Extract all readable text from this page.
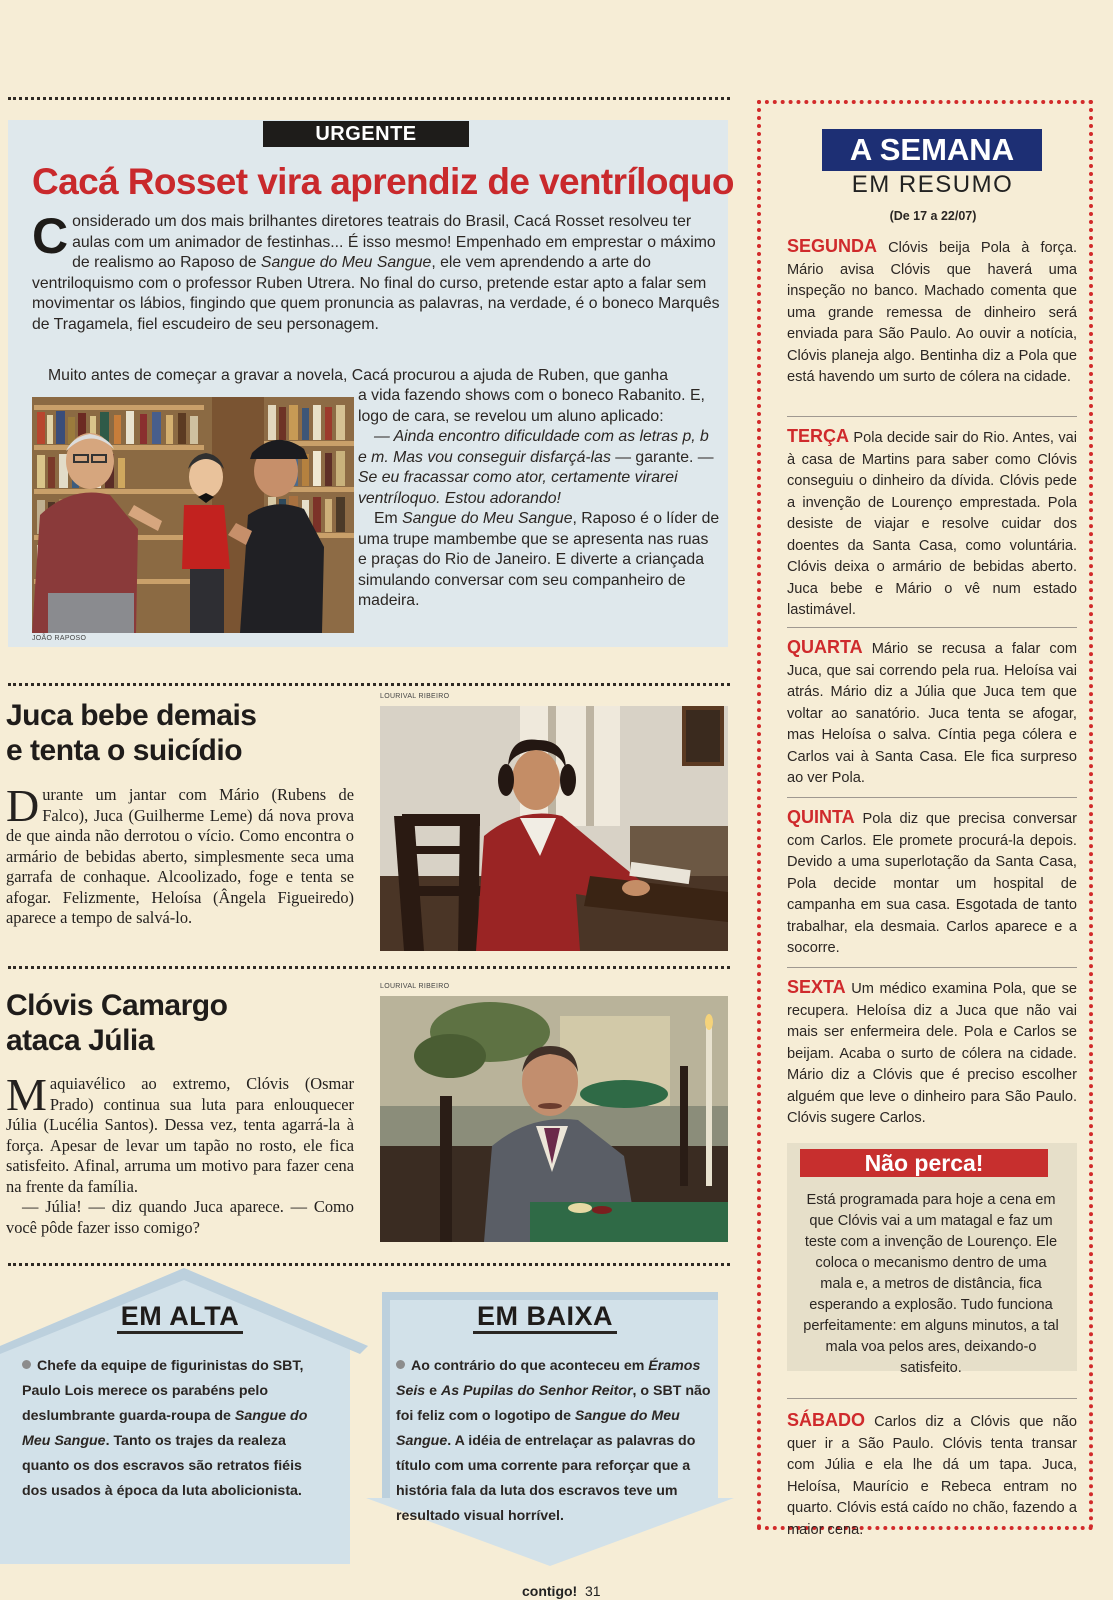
URGENTE
Cacá Rosset vira aprendiz de ventríloquo

Considerado um dos mais brilhantes diretores teatrais do Brasil, Cacá Rosset resolveu ter aulas com um animador de festinhas... É isso mesmo! Empenhado em emprestar o máximo de realismo ao Raposo de Sangue do Meu Sangue, ele vem aprendendo a arte do ventriloquismo com o professor Ruben Utrera. No final do curso, pretende estar apto a falar sem movimentar os lábios, fingindo que quem pronuncia as palavras, na verdade, é o boneco Marquês de Tragamela, fiel escudeiro de seu personagem.

Muito antes de começar a gravar a novela, Cacá procurou a ajuda de Ruben, que ganha

JOÃO RAPOSO

a vida fazendo shows com o boneco Rabanito. E, logo de cara, se revelou um aluno aplicado:

— Ainda encontro dificuldade com as letras p, b e m. Mas vou conseguir disfarçá-las — garante. — Se eu fracassar como ator, certamente virarei ventríloquo. Estou adorando!

Em Sangue do Meu Sangue, Raposo é o líder de uma trupe mambembe que se apresenta nas ruas e praças do Rio de Janeiro. E diverte a criançada simulando conversar com seu companheiro de madeira.

Juca bebe demais
e tenta o suicídio

Durante um jantar com Mário (Rubens de Falco), Juca (Guilherme Leme) dá nova prova de que ainda não derrotou o vício. Como encontra o armário de bebidas aberto, simplesmente seca uma garrafa de conhaque. Alcoolizado, foge e tenta se afogar. Felizmente, Heloísa (Ângela Figueiredo) aparece a tempo de salvá-lo.

LOURIVAL RIBEIRO
Clóvis Camargo
ataca Júlia

Maquiavélico ao extremo, Clóvis (Osmar Prado) continua sua luta para enlouquecer Júlia (Lucélia Santos). Dessa vez, tenta agarrá-la à força. Apesar de levar um tapão no rosto, ele fica satisfeito. Afinal, arruma um motivo para fazer cena na frente da família.

— Júlia! — diz quando Juca aparece. — Como você pôde fazer isso comigo?

LOURIVAL RIBEIRO
EM ALTA

Chefe da equipe de figurinistas do SBT, Paulo Lois merece os parabéns pelo deslumbrante guarda-roupa de Sangue do Meu Sangue. Tanto os trajes da realeza quanto os dos escravos são retratos fiéis dos usados à época da luta abolicionista.

EM BAIXA

Ao contrário do que aconteceu em Éramos Seis e As Pupilas do Senhor Reitor, o SBT não foi feliz com o logotipo de Sangue do Meu Sangue. A idéia de entrelaçar as palavras do título com uma corrente para reforçar que a história fala da luta dos escravos teve um resultado visual horrível.

A SEMANA
EM RESUMO
(De 17 a 22/07)

SEGUNDA Clóvis beija Pola à força. Mário avisa Clóvis que haverá uma inspeção no banco. Machado comenta que uma grande remessa de dinheiro será enviada para São Paulo. Ao ouvir a notícia, Clóvis planeja algo. Bentinha diz a Pola que está havendo um surto de cólera na cidade.

TERÇA Pola decide sair do Rio. Antes, vai à casa de Martins para saber como Clóvis conseguiu o dinheiro da dívida. Clóvis pede a invenção de Lourenço emprestada. Pola desiste de viajar e resolve cuidar dos doentes da Santa Casa, como voluntária. Clóvis deixa o armário de bebidas aberto. Juca bebe e Mário o vê num estado lastimável.

QUARTA Mário se recusa a falar com Juca, que sai correndo pela rua. Heloísa vai atrás. Mário diz a Júlia que Juca tem que voltar ao sanatório. Juca tenta se afogar, mas Heloísa o salva. Cíntia pega cólera e Carlos vai à Santa Casa. Ele fica surpreso ao ver Pola.

QUINTA Pola diz que precisa conversar com Carlos. Ele promete procurá-la depois. Devido a uma superlotação da Santa Casa, Pola decide montar um hospital de campanha em sua casa. Esgotada de tanto trabalhar, ela desmaia. Carlos aparece e a socorre.

SEXTA Um médico examina Pola, que se recupera. Heloísa diz a Juca que não vai mais ser enfermeira dele. Pola e Carlos se beijam. Acaba o surto de cólera na cidade. Mário diz a Clóvis que é preciso escolher alguém que leve o dinheiro para São Paulo. Clóvis sugere Carlos.

Não perca!

Está programada para hoje a cena em que Clóvis vai a um matagal e faz um teste com a invenção de Lourenço. Ele coloca o mecanismo dentro de uma mala e, a metros de distância, fica esperando a explosão. Tudo funciona perfeitamente: em alguns minutos, a tal mala voa pelos ares, deixando-o satisfeito.

SÁBADO Carlos diz a Clóvis que não quer ir a São Paulo. Clóvis tenta transar com Júlia e ela lhe dá um tapa. Juca, Heloísa, Maurício e Rebeca entram no quarto. Clóvis está caído no chão, fazendo a maior cena.

contigo! 31
